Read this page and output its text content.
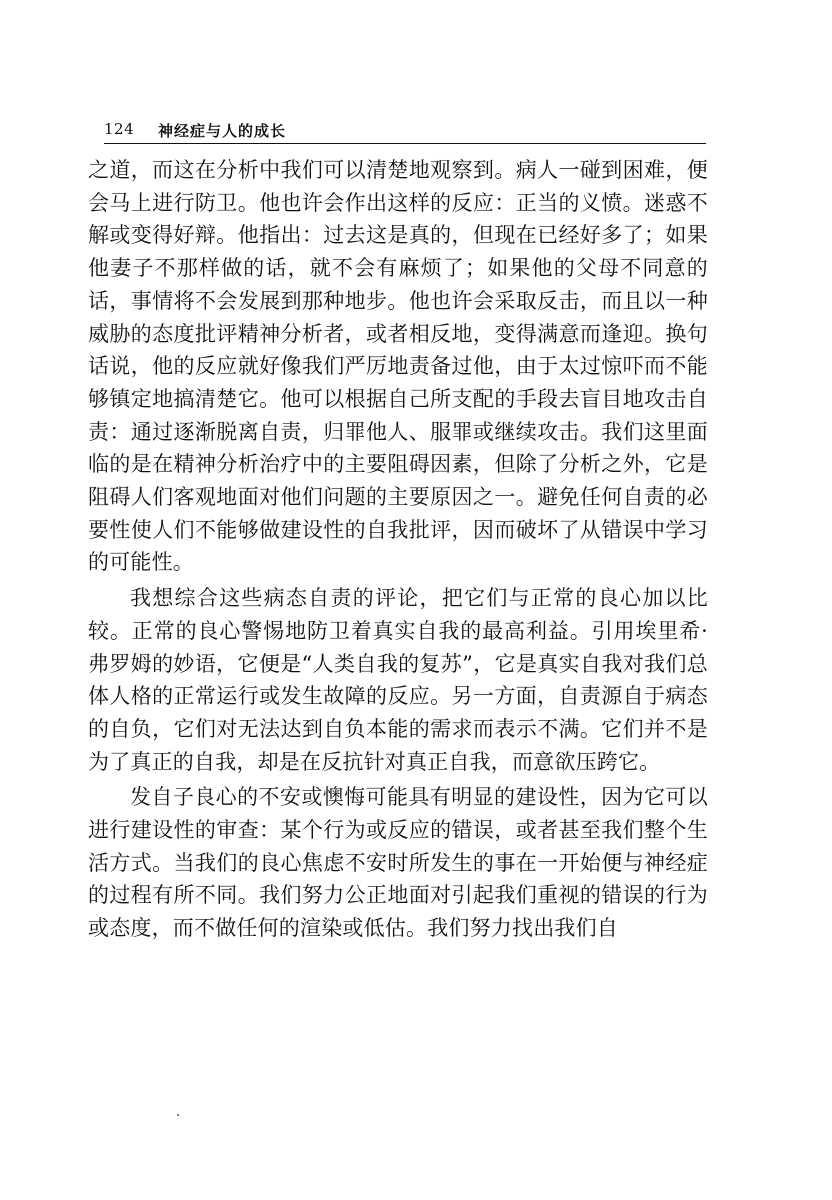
124 神经症与人的成长

之道，而这在分析中我们可以清楚地观察到。病人一碰到困难，便会马上进行防卫。他也许会作出这样的反应：正当的义愤。迷惑不解或变得好辩。他指出：过去这是真的，但现在已经好多了；如果他妻子不那样做的话，就不会有麻烦了；如果他的父母不同意的话，事情将不会发展到那种地步。他也许会采取反击，而且以一种威胁的态度批评精神分析者，或者相反地，变得满意而逢迎。换句话说，他的反应就好像我们严厉地责备过他，由于太过惊吓而不能够镇定地搞清楚它。他可以根据自己所支配的手段去盲目地攻击自责：通过逐渐脱离自责，归罪他人、服罪或继续攻击。我们这里面临的是在精神分析治疗中的主要阻碍因素，但除了分析之外，它是阻碍人们客观地面对他们问题的主要原因之一。避免任何自责的必要性使人们不能够做建设性的自我批评，因而破坏了从错误中学习的可能性。

我想综合这些病态自责的评论，把它们与正常的良心加以比较。正常的良心警惕地防卫着真实自我的最高利益。引用埃里希·弗罗姆的妙语，它便是“人类自我的复苏”，它是真实自我对我们总体人格的正常运行或发生故障的反应。另一方面，自责源自于病态的自负，它们对无法达到自负本能的需求而表示不满。它们并不是为了真正的自我，却是在反抗针对真正自我，而意欲压跨它。

发自子良心的不安或懊悔可能具有明显的建设性，因为它可以进行建设性的审查：某个行为或反应的错误，或者甚至我们整个生活方式。当我们的良心焦虑不安时所发生的事在一开始便与神经症的过程有所不同。我们努力公正地面对引起我们重视的错误的行为或态度，而不做任何的渲染或低估。我们努力找出我们自
